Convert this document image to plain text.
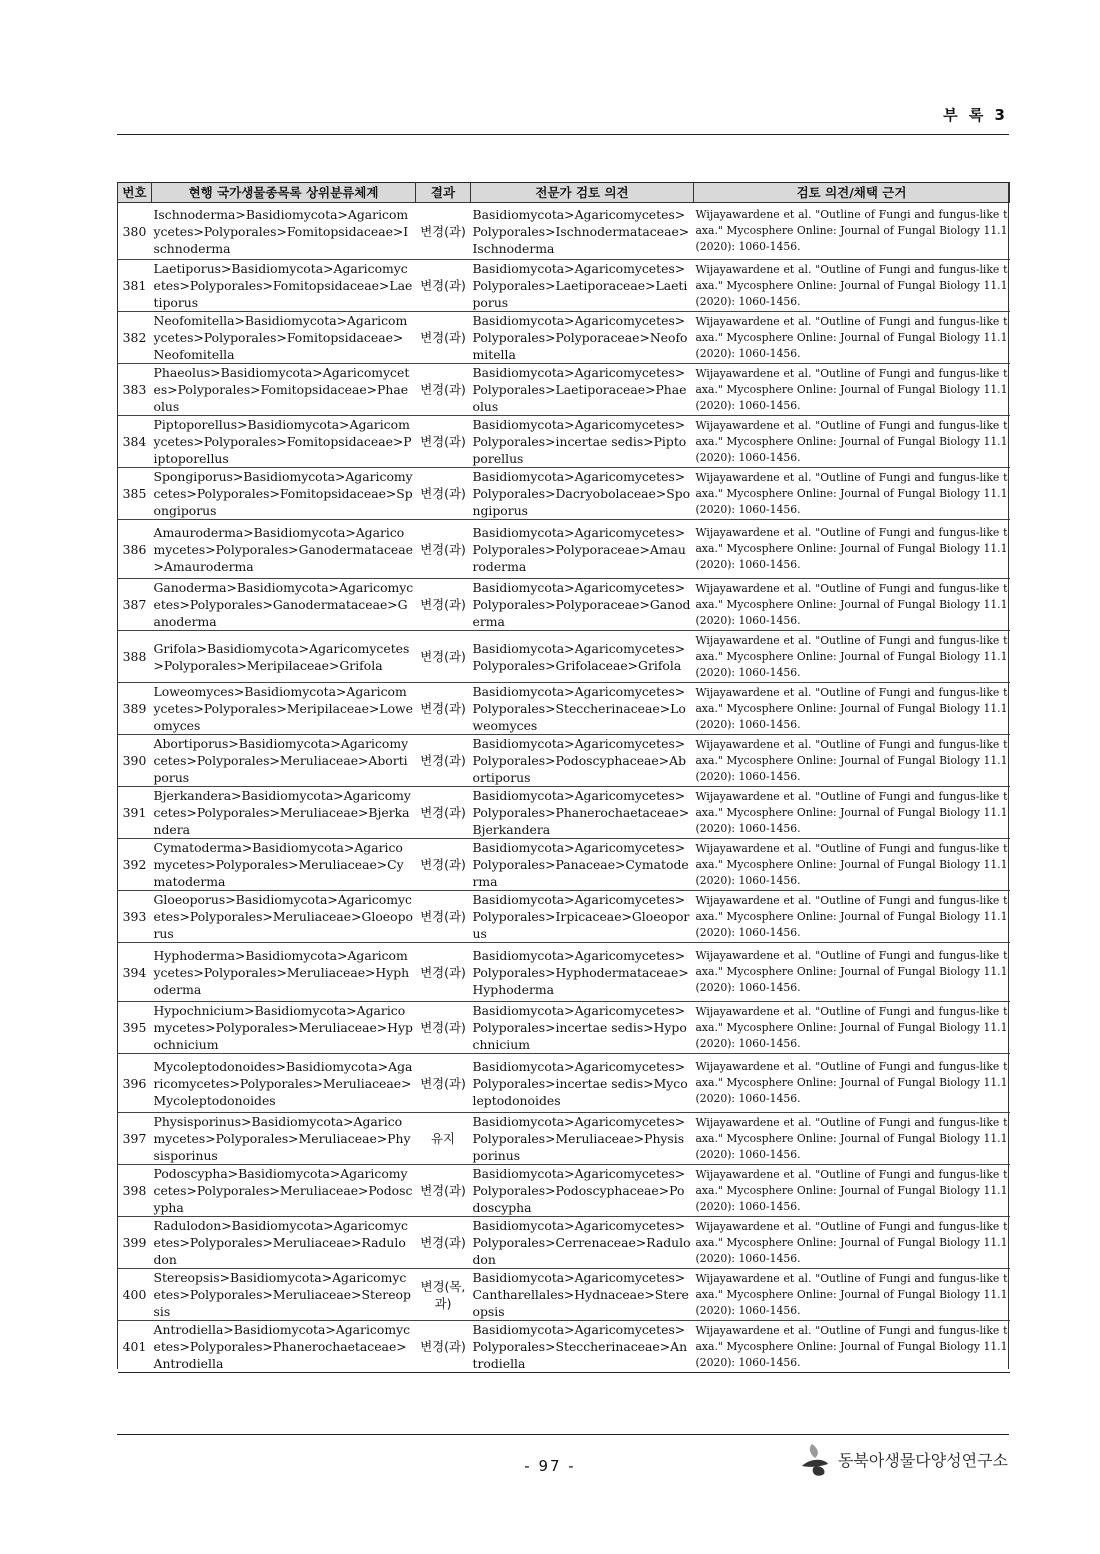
부 록 3
번호	현행 국가생물종목록 상위분류체계	결과	전문가 검토 의견	검토 의견/채택 근거
380	Ischnoderma>Basidiomycota>Agaricomycetes>Polyporales>Fomitopsidaceae>Ischnoderma	변경(과)	Basidiomycota>Agaricomycetes>Polyporales>Ischnodermataceae>Ischnoderma	Wijayawardene et al. "Outline of Fungi and fungus-like taxa." Mycosphere Online: Journal of Fungal Biology 11.1 (2020): 1060-1456.
381	Laetiporus>Basidiomycota>Agaricomycetes>Polyporales>Fomitopsidaceae>Laetiporus	변경(과)	Basidiomycota>Agaricomycetes>Polyporales>Laetiporaceae>Laetiporus	Wijayawardene et al. "Outline of Fungi and fungus-like taxa." Mycosphere Online: Journal of Fungal Biology 11.1 (2020): 1060-1456.
382	Neofomitella>Basidiomycota>Agaricomycetes>Polyporales>Fomitopsidaceae>Neofomitella	변경(과)	Basidiomycota>Agaricomycetes>Polyporales>Polyporaceae>Neofomitella	Wijayawardene et al. "Outline of Fungi and fungus-like taxa." Mycosphere Online: Journal of Fungal Biology 11.1 (2020): 1060-1456.
383	Phaeolus>Basidiomycota>Agaricomycetes>Polyporales>Fomitopsidaceae>Phaeolus	변경(과)	Basidiomycota>Agaricomycetes>Polyporales>Laetiporaceae>Phaeolus	Wijayawardene et al. "Outline of Fungi and fungus-like taxa." Mycosphere Online: Journal of Fungal Biology 11.1 (2020): 1060-1456.
384	Piptoporellus>Basidiomycota>Agaricomycetes>Polyporales>Fomitopsidaceae>Piptoporellus	변경(과)	Basidiomycota>Agaricomycetes>Polyporales>incertae sedis>Piptoporellus	Wijayawardene et al. "Outline of Fungi and fungus-like taxa." Mycosphere Online: Journal of Fungal Biology 11.1 (2020): 1060-1456.
385	Spongiporus>Basidiomycota>Agaricomycetes>Polyporales>Fomitopsidaceae>Spongiporus	변경(과)	Basidiomycota>Agaricomycetes>Polyporales>Dacryobolaceae>Spongiporus	Wijayawardene et al. "Outline of Fungi and fungus-like taxa." Mycosphere Online: Journal of Fungal Biology 11.1 (2020): 1060-1456.
386	Amauroderma>Basidiomycota>Agaricomycetes>Polyporales>Ganodermataceae>Amauroderma	변경(과)	Basidiomycota>Agaricomycetes>Polyporales>Polyporaceae>Amauroderma	Wijayawardene et al. "Outline of Fungi and fungus-like taxa." Mycosphere Online: Journal of Fungal Biology 11.1 (2020): 1060-1456.
387	Ganoderma>Basidiomycota>Agaricomycetes>Polyporales>Ganodermataceae>Ganoderma	변경(과)	Basidiomycota>Agaricomycetes>Polyporales>Polyporaceae>Ganoderma	Wijayawardene et al. "Outline of Fungi and fungus-like taxa." Mycosphere Online: Journal of Fungal Biology 11.1 (2020): 1060-1456.
388	Grifola>Basidiomycota>Agaricomycetes>Polyporales>Meripilaceae>Grifola	변경(과)	Basidiomycota>Agaricomycetes>Polyporales>Grifolaceae>Grifola	Wijayawardene et al. "Outline of Fungi and fungus-like taxa." Mycosphere Online: Journal of Fungal Biology 11.1 (2020): 1060-1456.
389	Loweomyces>Basidiomycota>Agaricomycetes>Polyporales>Meripilaceae>Loweomyces	변경(과)	Basidiomycota>Agaricomycetes>Polyporales>Steccherinaceae>Loweomyces	Wijayawardene et al. "Outline of Fungi and fungus-like taxa." Mycosphere Online: Journal of Fungal Biology 11.1 (2020): 1060-1456.
390	Abortiporus>Basidiomycota>Agaricomycetes>Polyporales>Meruliaceae>Abortiporus	변경(과)	Basidiomycota>Agaricomycetes>Polyporales>Podoscyphaceae>Abortiporus	Wijayawardene et al. "Outline of Fungi and fungus-like taxa." Mycosphere Online: Journal of Fungal Biology 11.1 (2020): 1060-1456.
391	Bjerkandera>Basidiomycota>Agaricomycetes>Polyporales>Meruliaceae>Bjerkandera	변경(과)	Basidiomycota>Agaricomycetes>Polyporales>Phanerochaetaceae>Bjerkandera	Wijayawardene et al. "Outline of Fungi and fungus-like taxa." Mycosphere Online: Journal of Fungal Biology 11.1 (2020): 1060-1456.
392	Cymatoderma>Basidiomycota>Agaricomycetes>Polyporales>Meruliaceae>Cymatoderma	변경(과)	Basidiomycota>Agaricomycetes>Polyporales>Panaceae>Cymatoderma	Wijayawardene et al. "Outline of Fungi and fungus-like taxa." Mycosphere Online: Journal of Fungal Biology 11.1 (2020): 1060-1456.
393	Gloeoporus>Basidiomycota>Agaricomycetes>Polyporales>Meruliaceae>Gloeoporus	변경(과)	Basidiomycota>Agaricomycetes>Polyporales>Irpicaceae>Gloeoporus	Wijayawardene et al. "Outline of Fungi and fungus-like taxa." Mycosphere Online: Journal of Fungal Biology 11.1 (2020): 1060-1456.
394	Hyphoderma>Basidiomycota>Agaricomycetes>Polyporales>Meruliaceae>Hyphoderma	변경(과)	Basidiomycota>Agaricomycetes>Polyporales>Hyphodermataceae>Hyphoderma	Wijayawardene et al. "Outline of Fungi and fungus-like taxa." Mycosphere Online: Journal of Fungal Biology 11.1 (2020): 1060-1456.
395	Hypochnicium>Basidiomycota>Agaricomycetes>Polyporales>Meruliaceae>Hypochnicium	변경(과)	Basidiomycota>Agaricomycetes>Polyporales>incertae sedis>Hypochnicium	Wijayawardene et al. "Outline of Fungi and fungus-like taxa." Mycosphere Online: Journal of Fungal Biology 11.1 (2020): 1060-1456.
396	Mycoleptodonoides>Basidiomycota>Agaricomycetes>Polyporales>Meruliaceae>Mycoleptodonoides	변경(과)	Basidiomycota>Agaricomycetes>Polyporales>incertae sedis>Mycoleptodonoides	Wijayawardene et al. "Outline of Fungi and fungus-like taxa." Mycosphere Online: Journal of Fungal Biology 11.1 (2020): 1060-1456.
397	Physisporinus>Basidiomycota>Agaricomycetes>Polyporales>Meruliaceae>Physisporinus	유지	Basidiomycota>Agaricomycetes>Polyporales>Meruliaceae>Physisporinus	Wijayawardene et al. "Outline of Fungi and fungus-like taxa." Mycosphere Online: Journal of Fungal Biology 11.1 (2020): 1060-1456.
398	Podoscypha>Basidiomycota>Agaricomycetes>Polyporales>Meruliaceae>Podoscypha	변경(과)	Basidiomycota>Agaricomycetes>Polyporales>Podoscyphaceae>Podoscypha	Wijayawardene et al. "Outline of Fungi and fungus-like taxa." Mycosphere Online: Journal of Fungal Biology 11.1 (2020): 1060-1456.
399	Radulodon>Basidiomycota>Agaricomycetes>Polyporales>Meruliaceae>Radulodon	변경(과)	Basidiomycota>Agaricomycetes>Polyporales>Cerrenaceae>Radulodon	Wijayawardene et al. "Outline of Fungi and fungus-like taxa." Mycosphere Online: Journal of Fungal Biology 11.1 (2020): 1060-1456.
400	Stereopsis>Basidiomycota>Agaricomycetes>Polyporales>Meruliaceae>Stereopsis	변경(목, 과)	Basidiomycota>Agaricomycetes>Cantharellales>Hydnaceae>Stereopsis	Wijayawardene et al. "Outline of Fungi and fungus-like taxa." Mycosphere Online: Journal of Fungal Biology 11.1 (2020): 1060-1456.
401	Antrodiella>Basidiomycota>Agaricomycetes>Polyporales>Phanerochaetaceae>Antrodiella	변경(과)	Basidiomycota>Agaricomycetes>Polyporales>Steccherinaceae>Antrodiella	Wijayawardene et al. "Outline of Fungi and fungus-like taxa." Mycosphere Online: Journal of Fungal Biology 11.1 (2020): 1060-1456.
- 97 -	동북아생물다양성연구소
